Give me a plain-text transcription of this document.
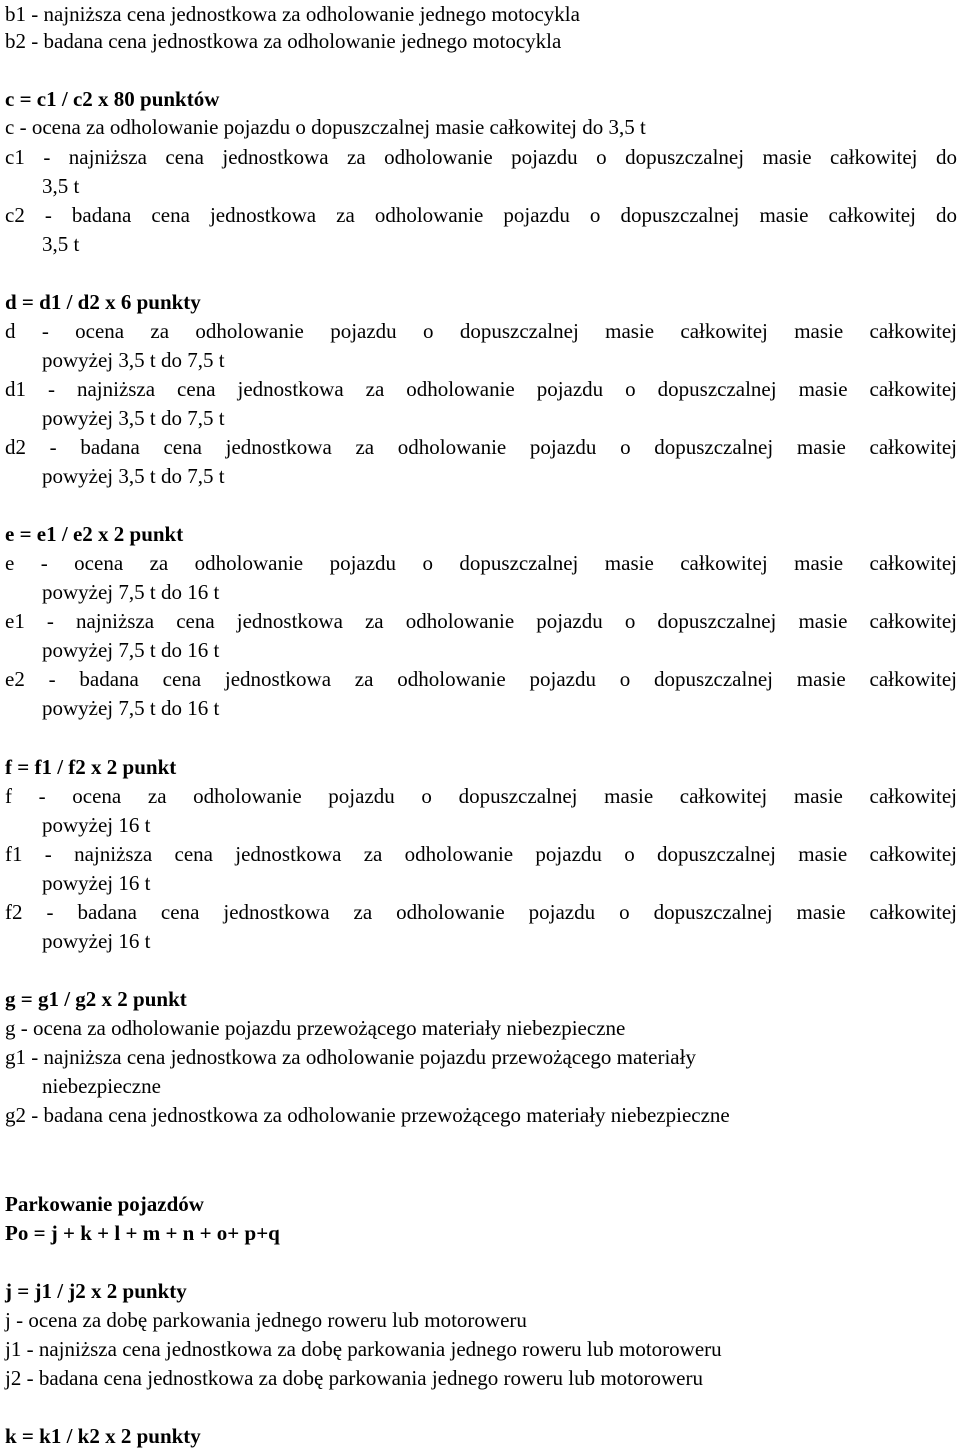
b1 - najniższa cena jednostkowa za odholowanie jednego motocykla
b2 - badana cena jednostkowa za odholowanie jednego motocykla
c = c1 / c2 x 80 punktów
c - ocena za odholowanie pojazdu o dopuszczalnej masie całkowitej do 3,5 t
c1 - najniższa cena jednostkowa za odholowanie pojazdu o dopuszczalnej masie całkowitej do
3,5 t
c2 - badana cena jednostkowa za odholowanie pojazdu o dopuszczalnej masie całkowitej do
3,5 t
d = d1 / d2 x 6 punkty
d - ocena za odholowanie pojazdu o dopuszczalnej masie całkowitej masie całkowitej
powyżej 3,5 t do 7,5 t
d1 - najniższa cena jednostkowa za odholowanie pojazdu o dopuszczalnej masie całkowitej
powyżej 3,5 t do 7,5 t
d2 - badana cena jednostkowa za odholowanie pojazdu o dopuszczalnej masie całkowitej
powyżej 3,5 t do 7,5 t
e = e1 / e2 x 2 punkt
e - ocena za odholowanie pojazdu o dopuszczalnej masie całkowitej masie całkowitej
powyżej 7,5 t do 16 t
e1 - najniższa cena jednostkowa za odholowanie pojazdu o dopuszczalnej masie całkowitej
powyżej 7,5 t do 16 t
e2 - badana cena jednostkowa za odholowanie pojazdu o dopuszczalnej masie całkowitej
powyżej 7,5 t do 16 t
f = f1 / f2 x 2 punkt
f - ocena za odholowanie pojazdu o dopuszczalnej masie całkowitej masie całkowitej
powyżej 16 t
f1 - najniższa cena jednostkowa za odholowanie pojazdu o dopuszczalnej masie całkowitej
powyżej 16 t
f2 - badana cena jednostkowa za odholowanie pojazdu o dopuszczalnej masie całkowitej
powyżej 16 t
g = g1 / g2 x 2 punkt
g - ocena za odholowanie pojazdu przewożącego materiały niebezpieczne
g1 - najniższa cena jednostkowa za odholowanie pojazdu przewożącego materiały
niebezpieczne
g2 - badana cena jednostkowa za odholowanie przewożącego materiały niebezpieczne
Parkowanie pojazdów
Po = j + k + l + m + n + o+ p+q
j = j1 / j2 x 2 punkty
j - ocena za dobę parkowania jednego roweru lub motoroweru
j1 - najniższa cena jednostkowa za dobę parkowania jednego roweru lub motoroweru
j2 - badana cena jednostkowa za dobę parkowania jednego roweru lub motoroweru
k = k1 / k2 x 2 punkty
